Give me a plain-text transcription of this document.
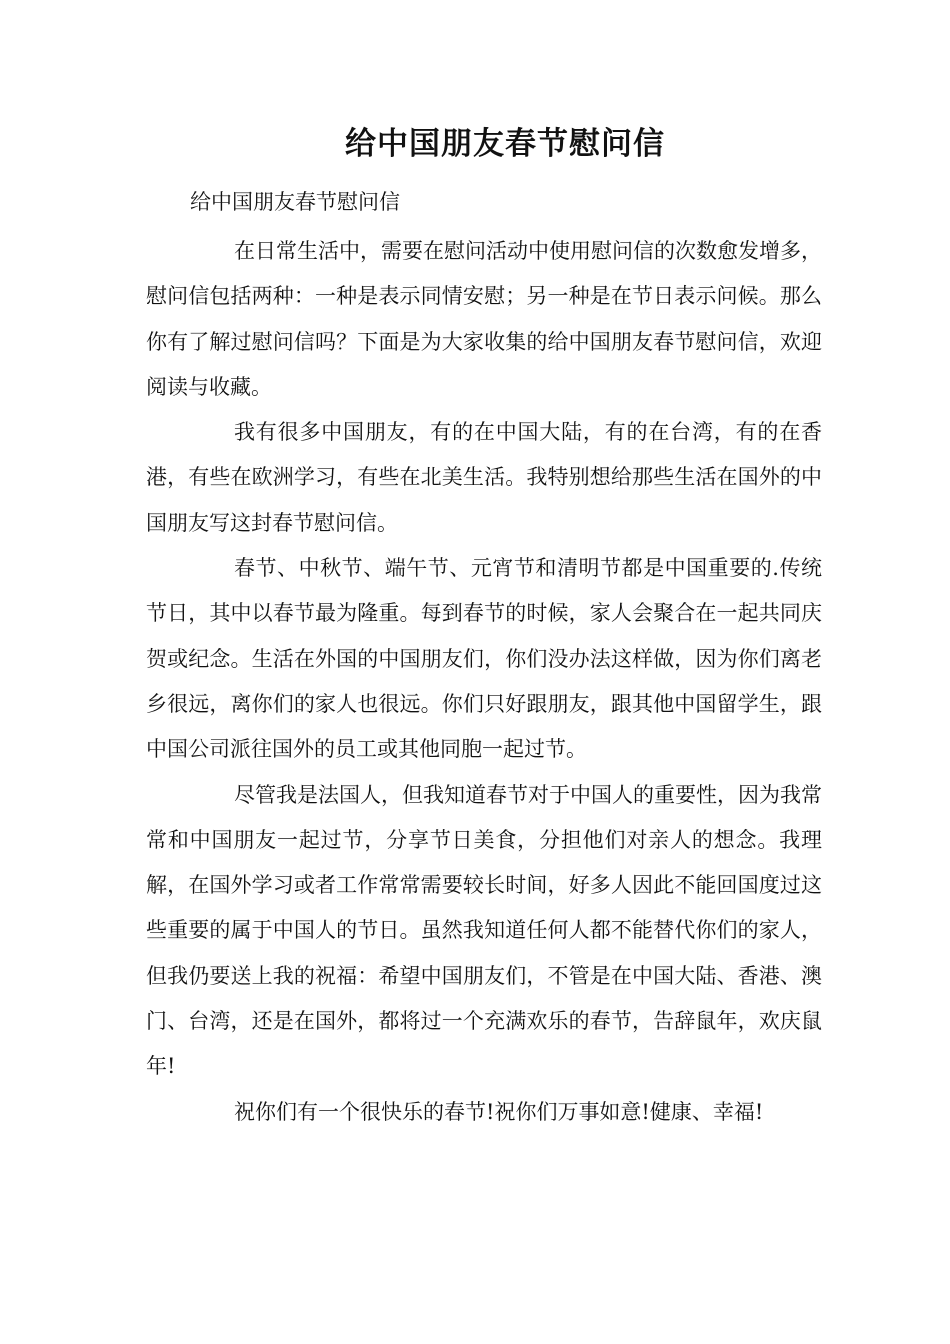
给中国朋友春节慰问信
给中国朋友春节慰问信

在日常生活中，需要在慰问活动中使用慰问信的次数愈发增多，慰问信包括两种：一种是表示同情安慰；另一种是在节日表示问候。那么你有了解过慰问信吗？下面是为大家收集的给中国朋友春节慰问信，欢迎阅读与收藏。

我有很多中国朋友，有的在中国大陆，有的在台湾，有的在香港，有些在欧洲学习，有些在北美生活。我特别想给那些生活在国外的中国朋友写这封春节慰问信。

春节、中秋节、端午节、元宵节和清明节都是中国重要的.传统节日，其中以春节最为隆重。每到春节的时候，家人会聚合在一起共同庆贺或纪念。生活在外国的中国朋友们，你们没办法这样做，因为你们离老乡很远，离你们的家人也很远。你们只好跟朋友，跟其他中国留学生，跟中国公司派往国外的员工或其他同胞一起过节。

尽管我是法国人，但我知道春节对于中国人的重要性，因为我常常和中国朋友一起过节，分享节日美食，分担他们对亲人的想念。我理解，在国外学习或者工作常常需要较长时间，好多人因此不能回国度过这些重要的属于中国人的节日。虽然我知道任何人都不能替代你们的家人，但我仍要送上我的祝福：希望中国朋友们，不管是在中国大陆、香港、澳门、台湾，还是在国外，都将过一个充满欢乐的春节，告辞鼠年，欢庆鼠年!

祝你们有一个很快乐的春节!祝你们万事如意!健康、幸福!
